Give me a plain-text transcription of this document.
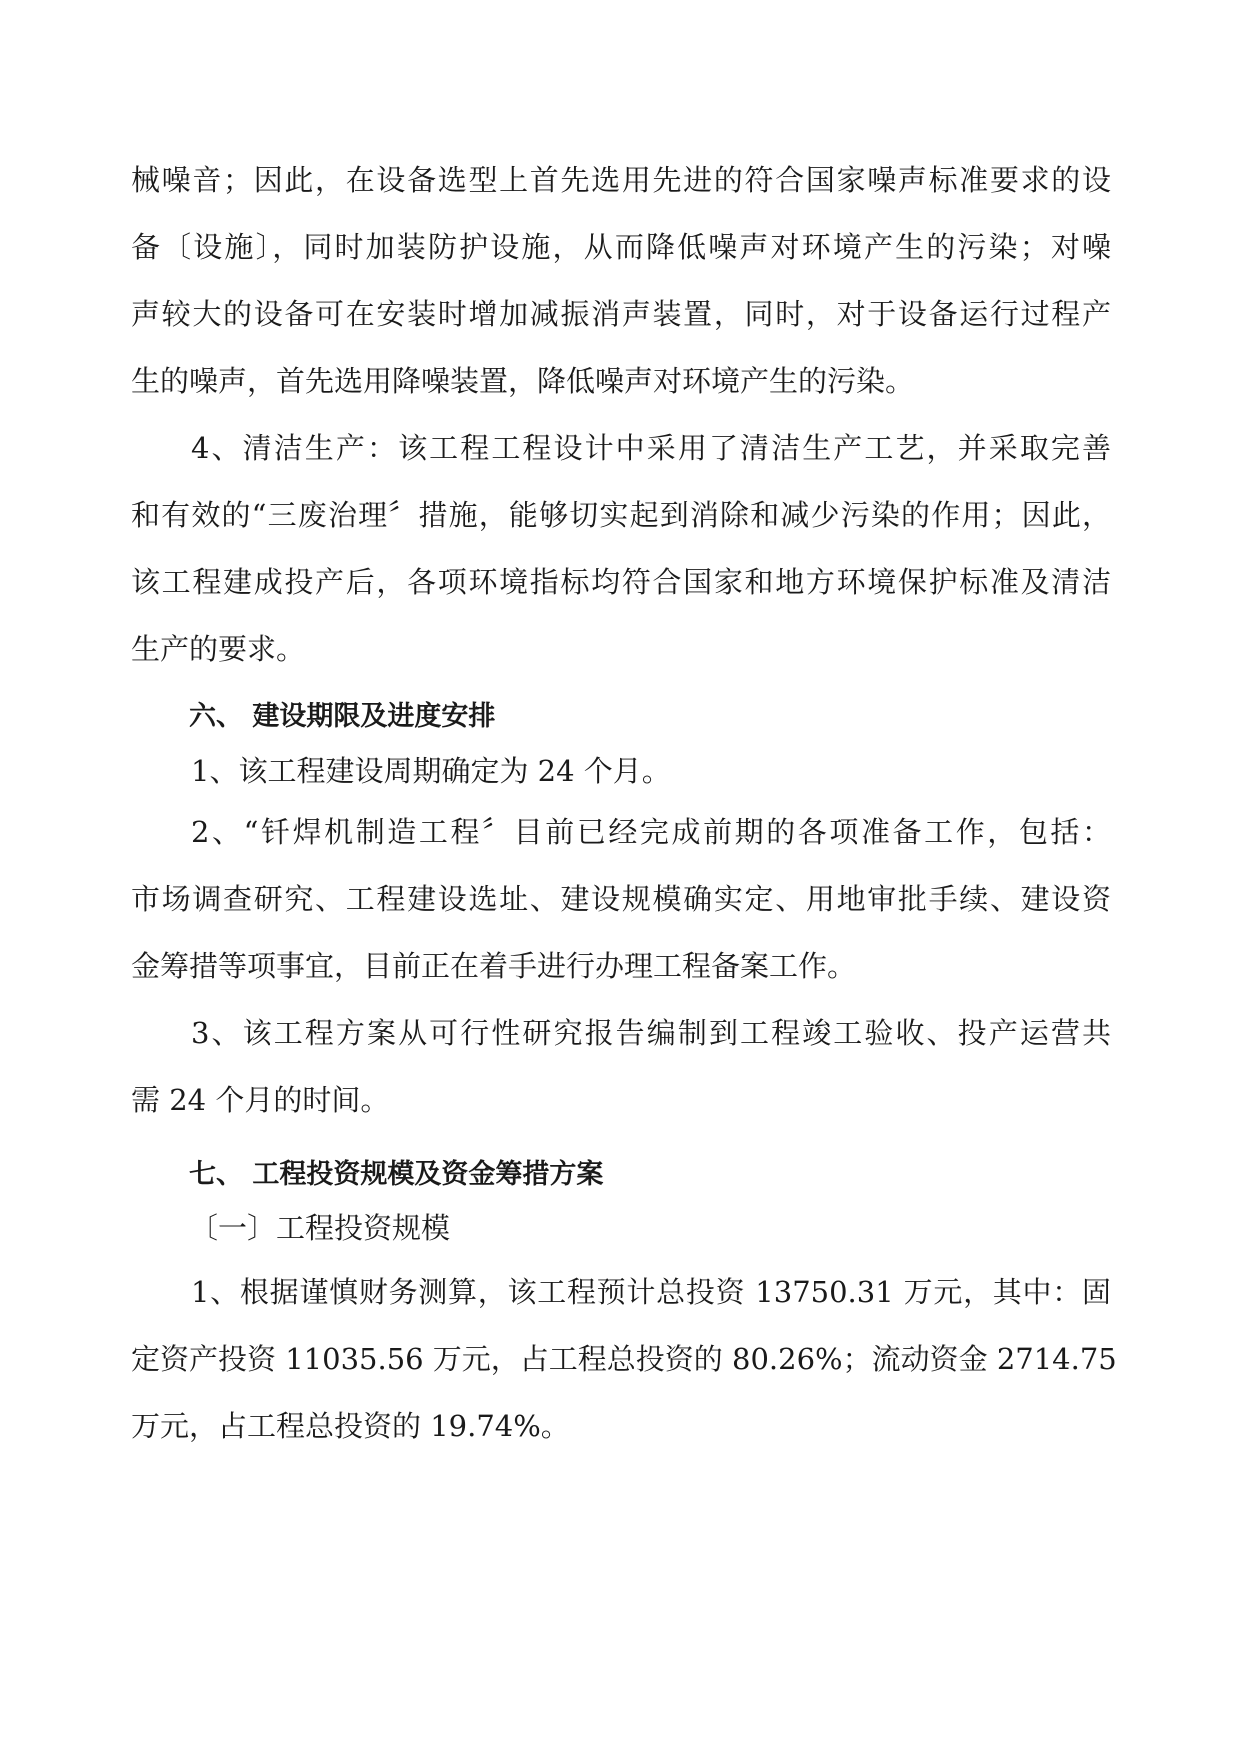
械噪音；因此，在设备选型上首先选用先进的符合国家噪声标准要求的设
备〔设施〕，同时加装防护设施，从而降低噪声对环境产生的污染；对噪
声较大的设备可在安装时增加减振消声装置，同时，对于设备运行过程产
生的噪声，首先选用降噪装置，降低噪声对环境产生的污染。
4、清洁生产：该工程工程设计中采用了清洁生产工艺，并采取完善
和有效的“三废治理〞措施，能够切实起到消除和减少污染的作用；因此，
该工程建成投产后，各项环境指标均符合国家和地方环境保护标准及清洁
生产的要求。
六、 建设期限及进度安排
1、该工程建设周期确定为 24 个月。
2、“钎焊机制造工程〞目前已经完成前期的各项准备工作，包括：
市场调查研究、工程建设选址、建设规模确实定、用地审批手续、建设资
金筹措等项事宜，目前正在着手进行办理工程备案工作。
3、该工程方案从可行性研究报告编制到工程竣工验收、投产运营共
需 24 个月的时间。
七、 工程投资规模及资金筹措方案
〔一〕工程投资规模
1、根据谨慎财务测算，该工程预计总投资 13750.31 万元，其中：固
定资产投资 11035.56 万元，占工程总投资的 80.26%；流动资金 2714.75
万元，占工程总投资的 19.74%。
